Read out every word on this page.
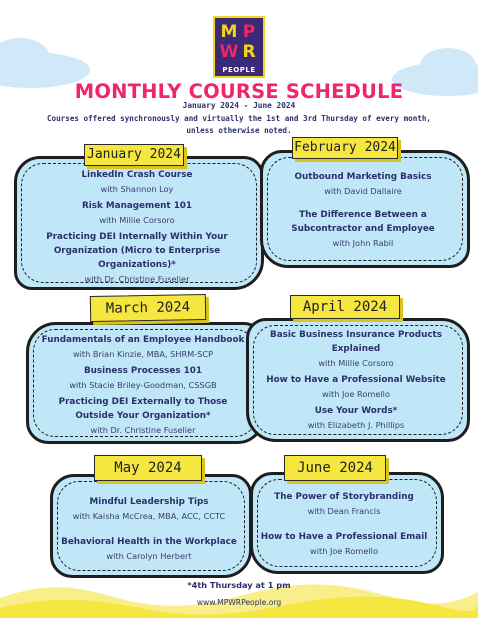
M P
W R
PEOPLE
MONTHLY COURSE SCHEDULE
January 2024 - June 2024
Courses offered synchronously and virtually the 1st and 3rd Thursday of every month,
unless otherwise noted.
January 2024
LinkedIn Crash Course
with Shannon Loy
Risk Management 101
with Millie Corsoro
Practicing DEI Internally Within Your Organization (Micro to Enterprise Organizations)*
with Dr. Christine Fuselier
February 2024
Outbound Marketing Basics
with David Dallaire
The Difference Between a Subcontractor and Employee
with John Rabil
March 2024
Fundamentals of an Employee Handbook
with Brian Kinzie, MBA, SHRM-SCP
Business Processes 101
with Stacie Briley-Goodman, CSSGB
Practicing DEI Externally to Those Outside Your Organization*
with Dr. Christine Fuselier
April 2024
Basic Business Insurance Products Explained
with Millie Corsoro
How to Have a Professional Website
with Joe Romello
Use Your Words*
with Elizabeth J. Phillips
May 2024
Mindful Leadership Tips
with Kaisha McCrea, MBA, ACC, CCTC
Behavioral Health in the Workplace
with Carolyn Herbert
June 2024
The Power of Storybranding
with Dean Francis
How to Have a Professional Email
with Joe Romello
*4th Thursday at 1 pm
www.MPWRPeople.org
